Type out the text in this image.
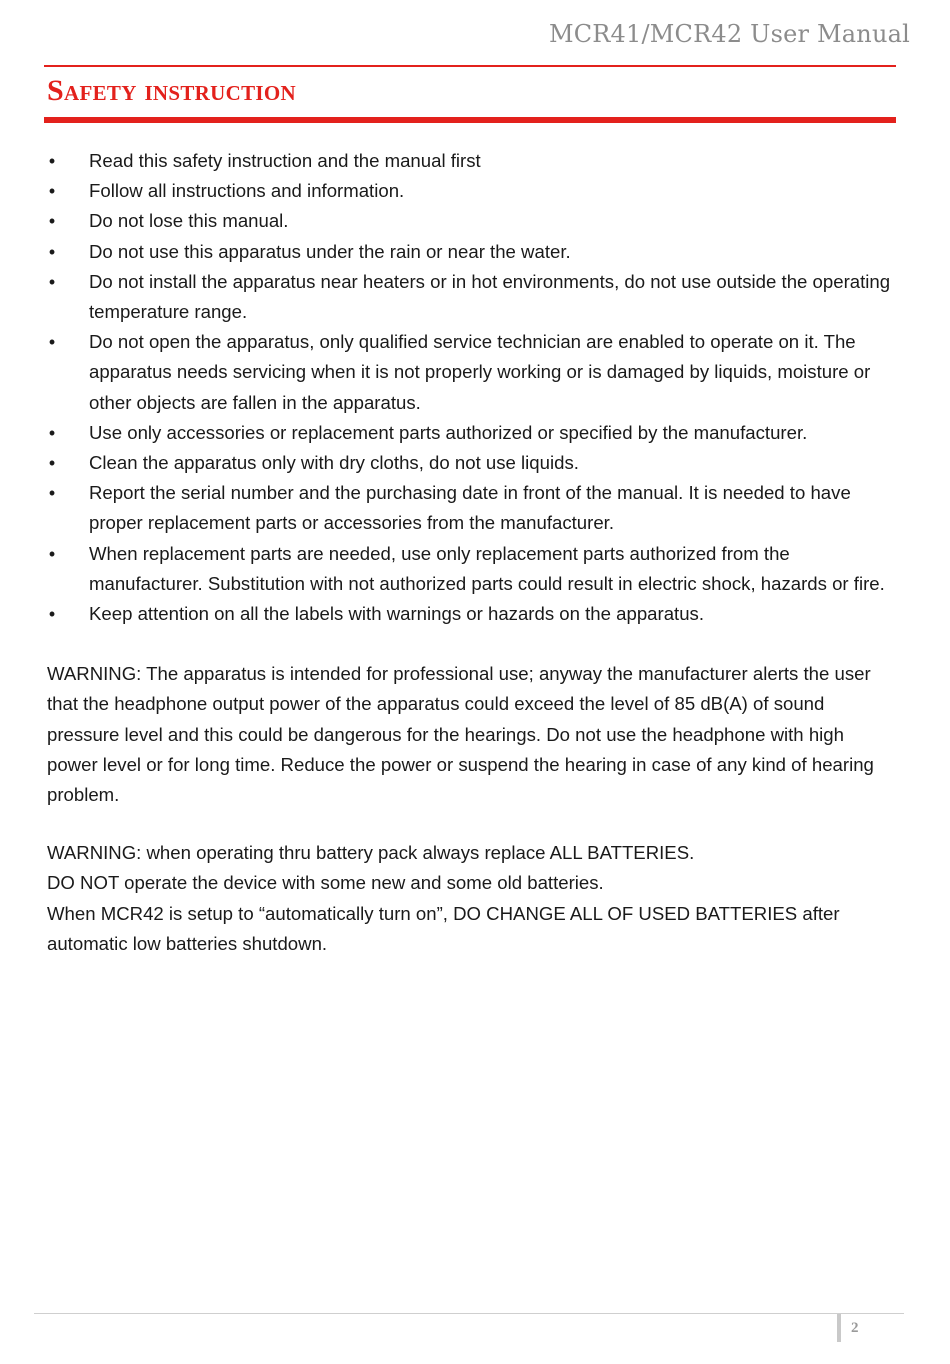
MCR41/MCR42 User Manual
Safety instruction
• Read this safety instruction and the manual first
• Follow all instructions and information.
• Do not lose this manual.
• Do not use this apparatus under the rain or near the water.
• Do not install the apparatus near heaters or in hot environments, do not use outside the operating temperature range.
• Do not open the apparatus, only qualified service technician are enabled to operate on it. The apparatus needs servicing when it is not properly working or is damaged by liquids, moisture or other objects are fallen in the apparatus.
• Use only accessories or replacement parts authorized or specified by the manufacturer.
• Clean the apparatus only with dry cloths, do not use liquids.
• Report the serial number and the purchasing date in front of the manual. It is needed to have proper replacement parts or accessories from the manufacturer.
• When replacement parts are needed, use only replacement parts authorized from the manufacturer. Substitution with not authorized parts could result in electric shock, hazards or fire.
• Keep attention on all the labels with warnings or hazards on the apparatus.

WARNING: The apparatus is intended for professional use; anyway the manufacturer alerts the user that the headphone output power of the apparatus could exceed the level of 85 dB(A) of sound pressure level and this could be dangerous for the hearings. Do not use the headphone with high power level or for long time. Reduce the power or suspend the hearing in case of any kind of hearing problem.

WARNING: when operating thru battery pack always replace ALL BATTERIES.

DO NOT operate the device with some new and some old batteries.

When MCR42 is setup to “automatically turn on”, DO CHANGE ALL OF USED BATTERIES after automatic low batteries shutdown.

2
